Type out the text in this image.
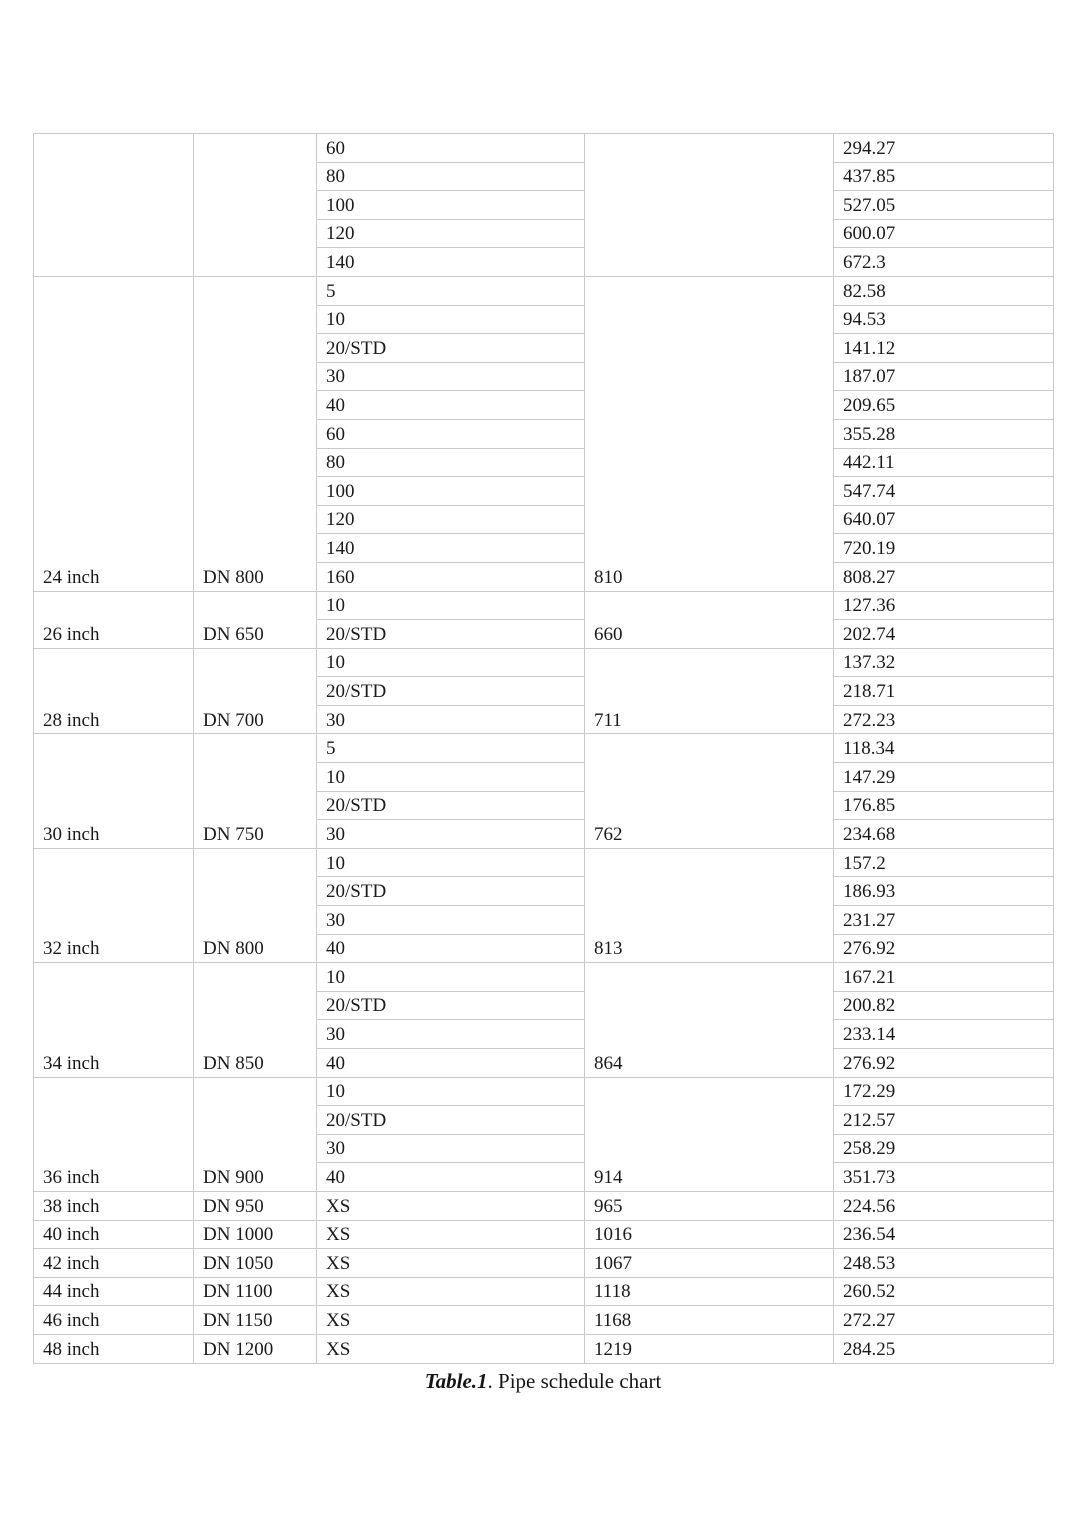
		60		294.27
		80		437.85
		100		527.05
		120		600.07
		140		672.3
24 inch	DN 800	5	810	82.58
		10		94.53
		20/STD		141.12
		30		187.07
		40		209.65
		60		355.28
		80		442.11
		100		547.74
		120		640.07
		140		720.19
		160		808.27
26 inch	DN 650	10	660	127.36
		20/STD		202.74
28 inch	DN 700	10	711	137.32
		20/STD		218.71
		30		272.23
30 inch	DN 750	5	762	118.34
		10		147.29
		20/STD		176.85
		30		234.68
32 inch	DN 800	10	813	157.2
		20/STD		186.93
		30		231.27
		40		276.92
34 inch	DN 850	10	864	167.21
		20/STD		200.82
		30		233.14
		40		276.92
36 inch	DN 900	10	914	172.29
		20/STD		212.57
		30		258.29
		40		351.73
38 inch	DN 950	XS	965	224.56
40 inch	DN 1000	XS	1016	236.54
42 inch	DN 1050	XS	1067	248.53
44 inch	DN 1100	XS	1118	260.52
46 inch	DN 1150	XS	1168	272.27
48 inch	DN 1200	XS	1219	284.25
Table.1. Pipe schedule chart
